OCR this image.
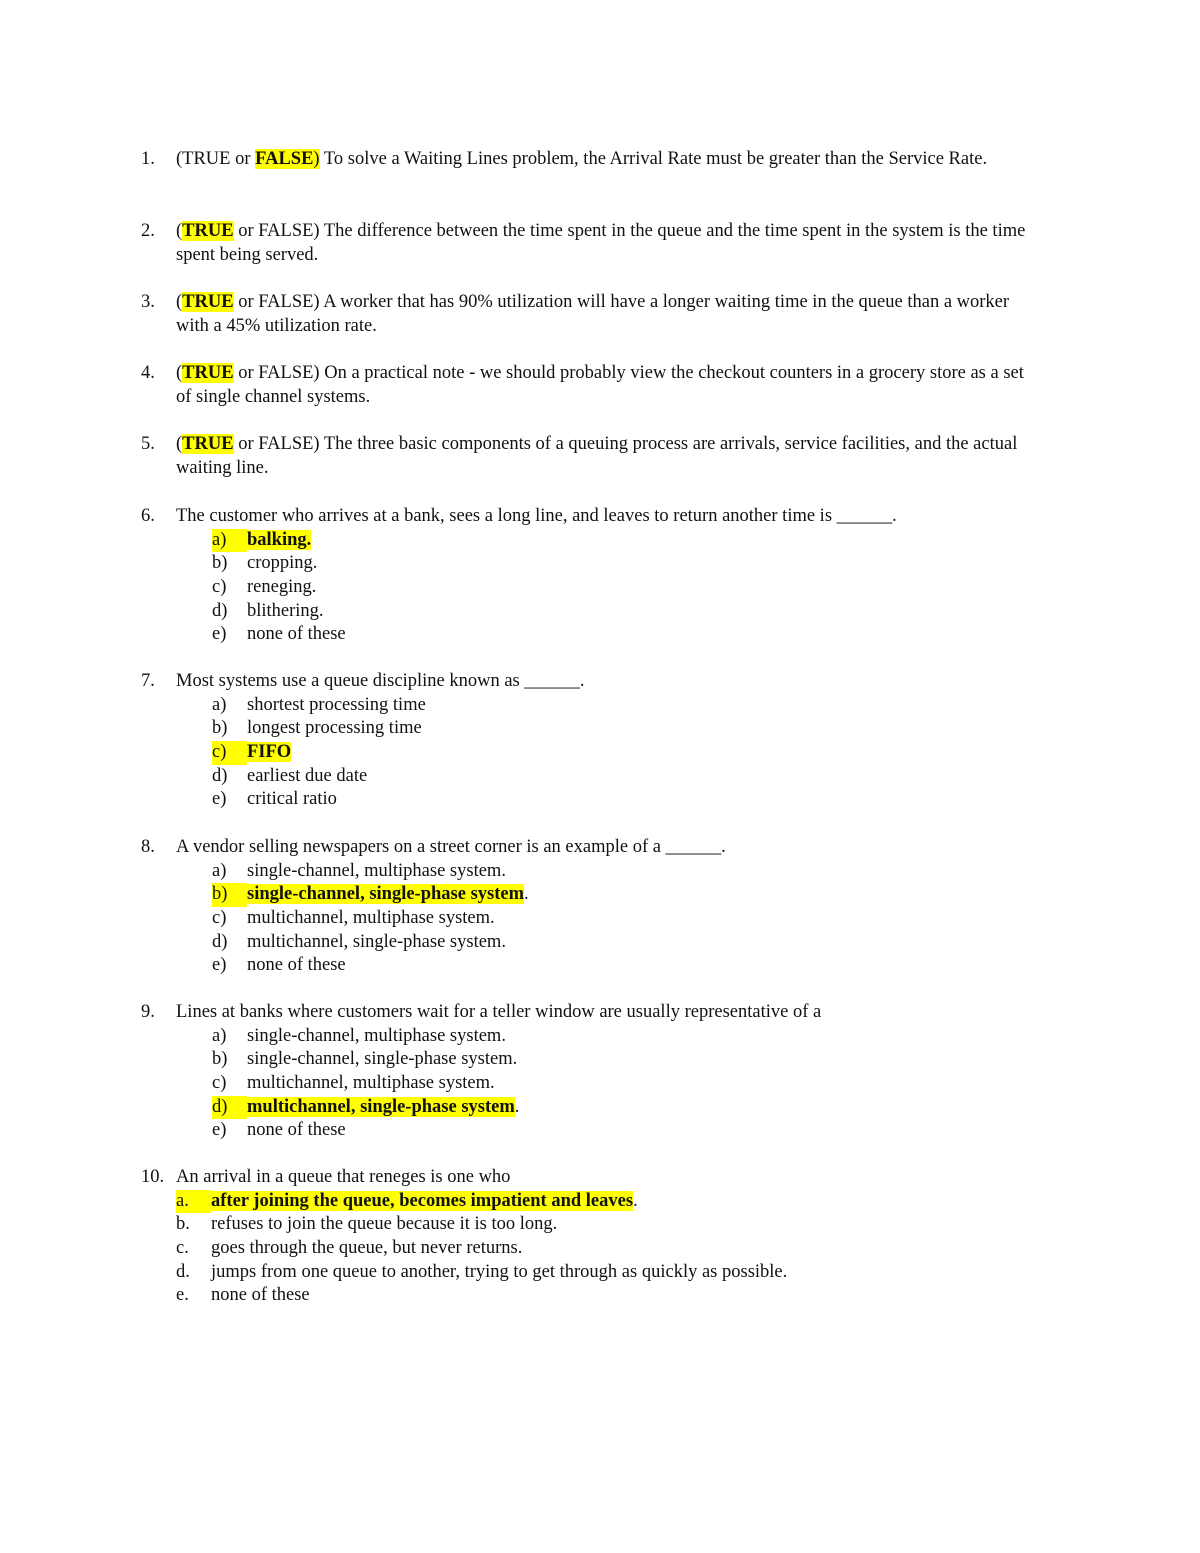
1. (TRUE or FALSE) To solve a Waiting Lines problem, the Arrival Rate must be greater than the Service Rate.
2. (TRUE or FALSE) The difference between the time spent in the queue and the time spent in the system is the time spent being served.
3. (TRUE or FALSE) A worker that has 90% utilization will have a longer waiting time in the queue than a worker with a 45% utilization rate.
4. (TRUE or FALSE) On a practical note - we should probably view the checkout counters in a grocery store as a set of single channel systems.
5. (TRUE or FALSE) The three basic components of a queuing process are arrivals, service facilities, and the actual waiting line.
6. The customer who arrives at a bank, sees a long line, and leaves to return another time is ______.
a) balking.
b) cropping.
c) reneging.
d) blithering.
e) none of these
7. Most systems use a queue discipline known as ______.
a) shortest processing time
b) longest processing time
c) FIFO
d) earliest due date
e) critical ratio
8. A vendor selling newspapers on a street corner is an example of a ______.
a) single-channel, multiphase system.
b) single-channel, single-phase system.
c) multichannel, multiphase system.
d) multichannel, single-phase system.
e) none of these
9. Lines at banks where customers wait for a teller window are usually representative of a
a) single-channel, multiphase system.
b) single-channel, single-phase system.
c) multichannel, multiphase system.
d) multichannel, single-phase system.
e) none of these
10. An arrival in a queue that reneges is one who
a. after joining the queue, becomes impatient and leaves.
b. refuses to join the queue because it is too long.
c. goes through the queue, but never returns.
d. jumps from one queue to another, trying to get through as quickly as possible.
e. none of these
